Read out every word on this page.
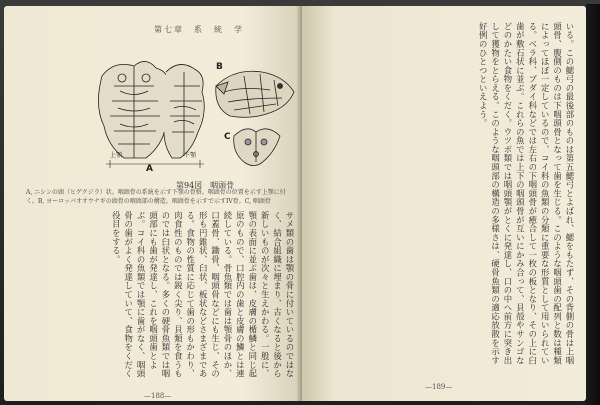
第七章　系　統　学
A
B
C
上顎	下顎
第94図　咽頭骨
A, ニシンの頭（ヒゲクジラ）状。咽頭骨の系統を示す下顎の骨格。咽頭骨の位置を示す上顎に付く。B, ヨーロッパオオウナギの頭骨の咽頭部の構造。咽頭骨を示すで示すIV骨。C, 咽頭骨
サメ類の歯は顎の骨に付いているのではなく、結合組織に埋まり、古くなると後から新しいものが次々と生えかわる。一般に、顎の表面に並ぶ歯は、皮膚の楯鱗と同じ起原のもので、口腔内の歯と皮膚の鱗とは連続している。骨魚類では歯は顎骨のほか、口蓋骨、鋤骨、咽頭骨などにも生じ、その形も円錐状、臼状、板状などさまざまである。食物の性質に応じて歯の形もかわり、肉食性のものでは鋭く尖り、貝類を食うものでは臼状となる。多くの硬骨魚類では咽頭部にも歯が発達し、これを咽頭歯とよぶ。コイ科の魚類では顎に歯がなく、咽頭骨の歯がよく発達していて、食物をくだく役目をする。
—188—
いる。この鰓弓の最後部のものは第五鰓弓とよばれ、鰓をもたず、その背側の骨は上咽頭骨、腹側のものは下咽頭骨となって歯を生じる。このような咽頭歯の配列と数は種類によってほぼ一定しているので、コイ科の魚類の分類に重要な形質として用いられている。ベラ科、ブダイ科などでは左右の下咽頭骨が癒合して一枚の板となり、その上に臼歯が敷石状に並ぶ。これらの魚では上下の咽頭骨が互いにかみ合って、貝殻やサンゴなどのかたい食物をくだく。ウツボ類では咽頭顎がとくに発達し、口の中へ前方に突き出して獲物をとらえる。このような咽頭部の構造の多様さは、硬骨魚類の適応放散を示す好例のひとつといえよう。
—189—
